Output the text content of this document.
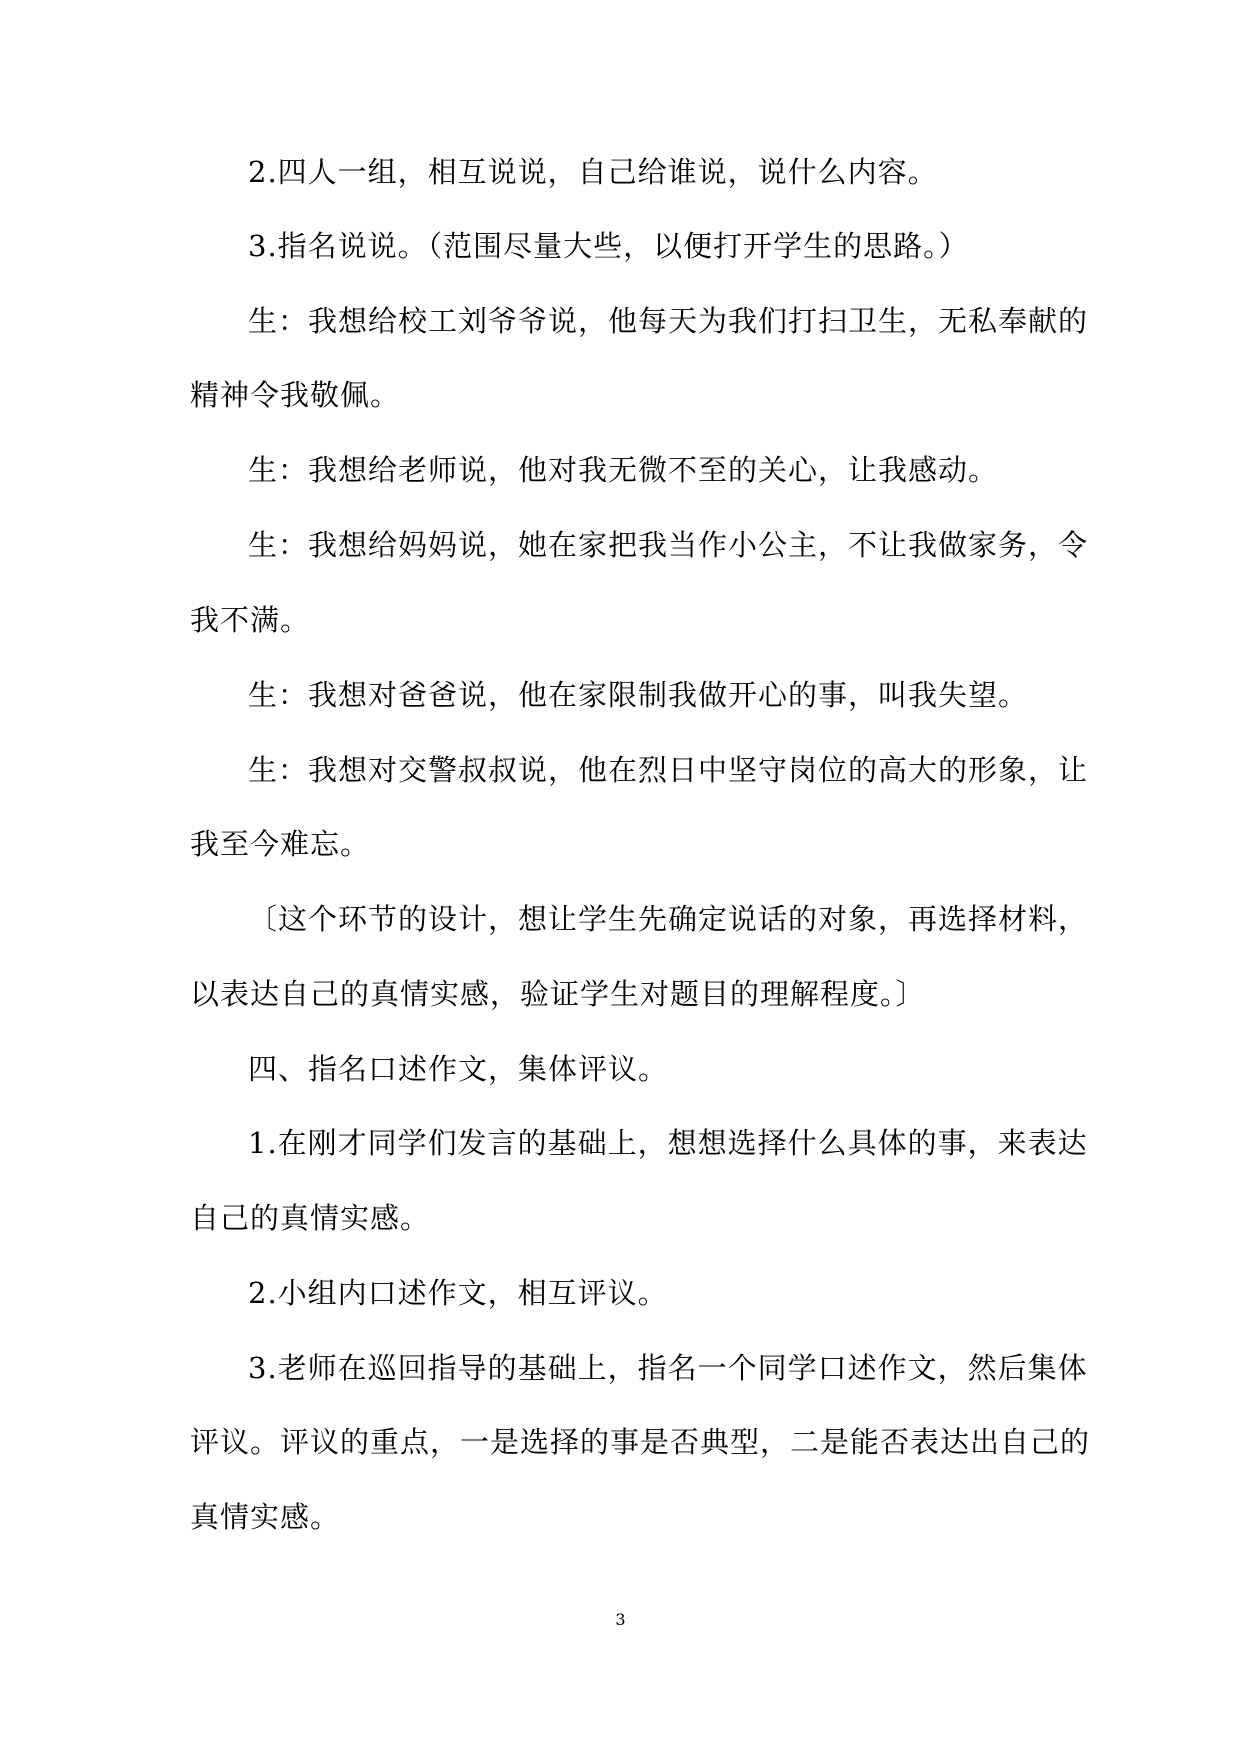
2.四人一组，相互说说，自己给谁说，说什么内容。
3.指名说说。（范围尽量大些，以便打开学生的思路。）
生：我想给校工刘爷爷说，他每天为我们打扫卫生，无私奉献的
精神令我敬佩。
生：我想给老师说，他对我无微不至的关心，让我感动。
生：我想给妈妈说，她在家把我当作小公主，不让我做家务，令
我不满。
生：我想对爸爸说，他在家限制我做开心的事，叫我失望。
生：我想对交警叔叔说，他在烈日中坚守岗位的高大的形象，让
我至今难忘。
〔这个环节的设计，想让学生先确定说话的对象，再选择材料，
以表达自己的真情实感，验证学生对题目的理解程度。〕
四、指名口述作文，集体评议。
1.在刚才同学们发言的基础上，想想选择什么具体的事，来表达
自己的真情实感。
2.小组内口述作文，相互评议。
3.老师在巡回指导的基础上，指名一个同学口述作文，然后集体
评议。评议的重点，一是选择的事是否典型，二是能否表达出自己的
真情实感。
3
